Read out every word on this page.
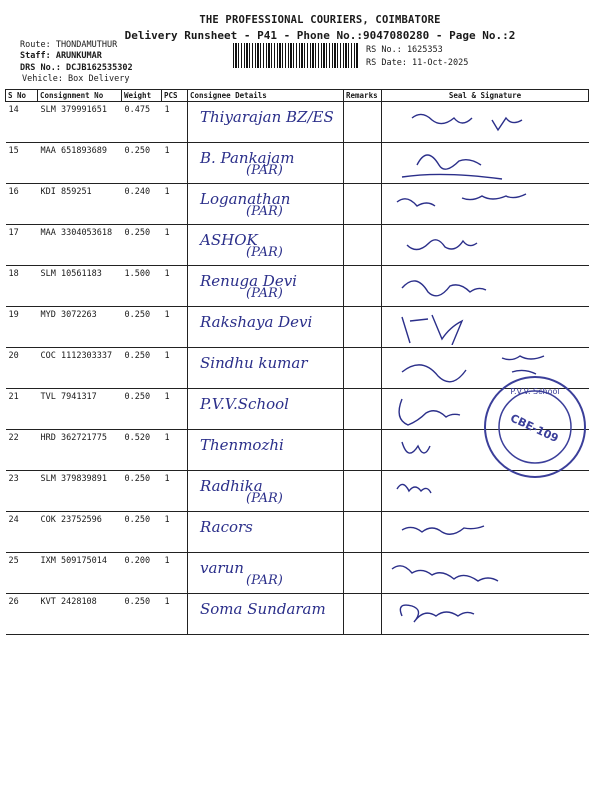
THE PROFESSIONAL COURIERS, COIMBATORE
Delivery Runsheet - P41 - Phone No.:9047080280 - Page No.:2
Route: THONDAMUTHUR
Staff: ARUNKUMAR
DRS No.: DCJB162535302
Vehicle: Box Delivery
RS No.: 1625353
RS Date: 11-Oct-2025
S No	Consignment No	Weight	PCS	Consignee Details	Remarks	Seal & Signature
14	SLM 379991651	0.475	1	Thiyarajan BZ/ES

15	MAA 651893689	0.250	1	B. Pankajam
(PAR)

16	KDI 859251	0.240	1	Loganathan
(PAR)

17	MAA 3304053618	0.250	1	ASHOK
(PAR)

18	SLM 10561183	1.500	1	Renuga Devi
(PAR)

19	MYD 3072263	0.250	1	Rakshaya Devi

20	COC 1112303337	0.250	1	Sindhu kumar

21	TVL 7941317	0.250	1	P.V.V.School

22	HRD 362721775	0.520	1	Thenmozhi

23	SLM 379839891	0.250	1	Radhika
(PAR)

24	COK 23752596	0.250	1	Racors

25	IXM 509175014	0.200	1	varun
(PAR)

26	KVT 2428108	0.250	1	Soma Sundaram

P.V.V. School
CBE-109
